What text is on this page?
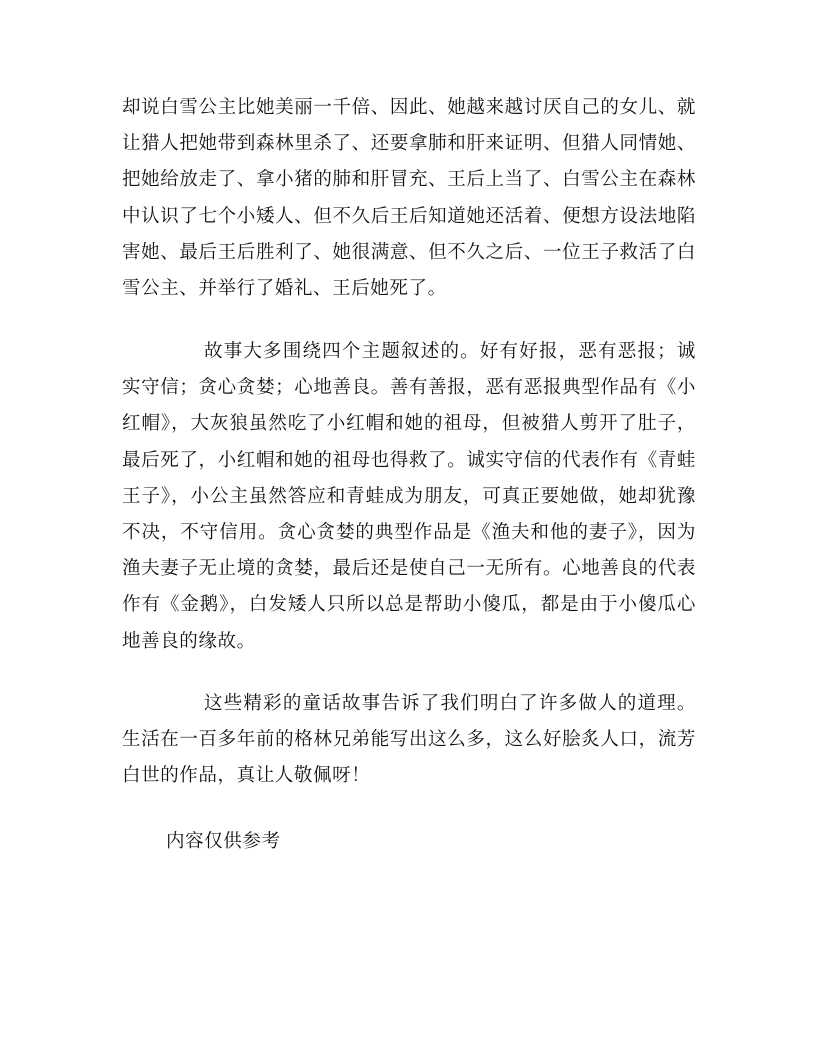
却说白雪公主比她美丽一千倍、因此、她越来越讨厌自己的女儿、就让猎人把她带到森林里杀了、还要拿肺和肝来证明、但猎人同情她、把她给放走了、拿小猪的肺和肝冒充、王后上当了、白雪公主在森林中认识了七个小矮人、但不久后王后知道她还活着、便想方设法地陷害她、最后王后胜利了、她很满意、但不久之后、一位王子救活了白雪公主、并举行了婚礼、王后她死了。

故事大多围绕四个主题叙述的。好有好报，恶有恶报；诚实守信；贪心贪婪；心地善良。善有善报，恶有恶报典型作品有《小红帽》，大灰狼虽然吃了小红帽和她的祖母，但被猎人剪开了肚子，最后死了，小红帽和她的祖母也得救了。诚实守信的代表作有《青蛙王子》，小公主虽然答应和青蛙成为朋友，可真正要她做，她却犹豫不决，不守信用。贪心贪婪的典型作品是《渔夫和他的妻子》，因为渔夫妻子无止境的贪婪，最后还是使自己一无所有。心地善良的代表作有《金鹅》，白发矮人只所以总是帮助小傻瓜，都是由于小傻瓜心地善良的缘故。

这些精彩的童话故事告诉了我们明白了许多做人的道理。生活在一百多年前的格林兄弟能写出这么多，这么好脍炙人口，流芳白世的作品，真让人敬佩呀！

内容仅供参考
